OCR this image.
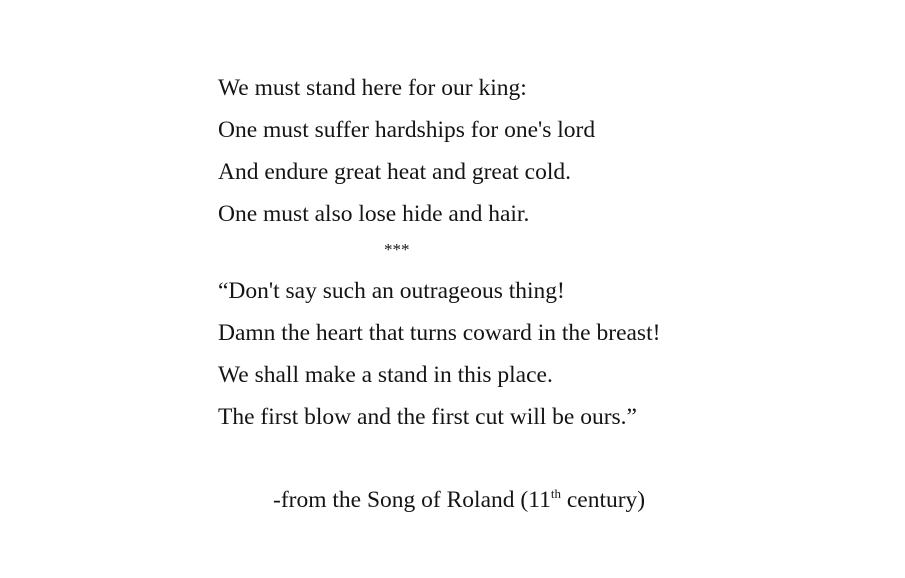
We must stand here for our king:
One must suffer hardships for one's lord
And endure great heat and great cold.
One must also lose hide and hair.
***
“Don't say such an outrageous thing!
Damn the heart that turns coward in the breast!
We shall make a stand in this place.
The first blow and the first cut will be ours.”
-from the Song of Roland (11th century)
